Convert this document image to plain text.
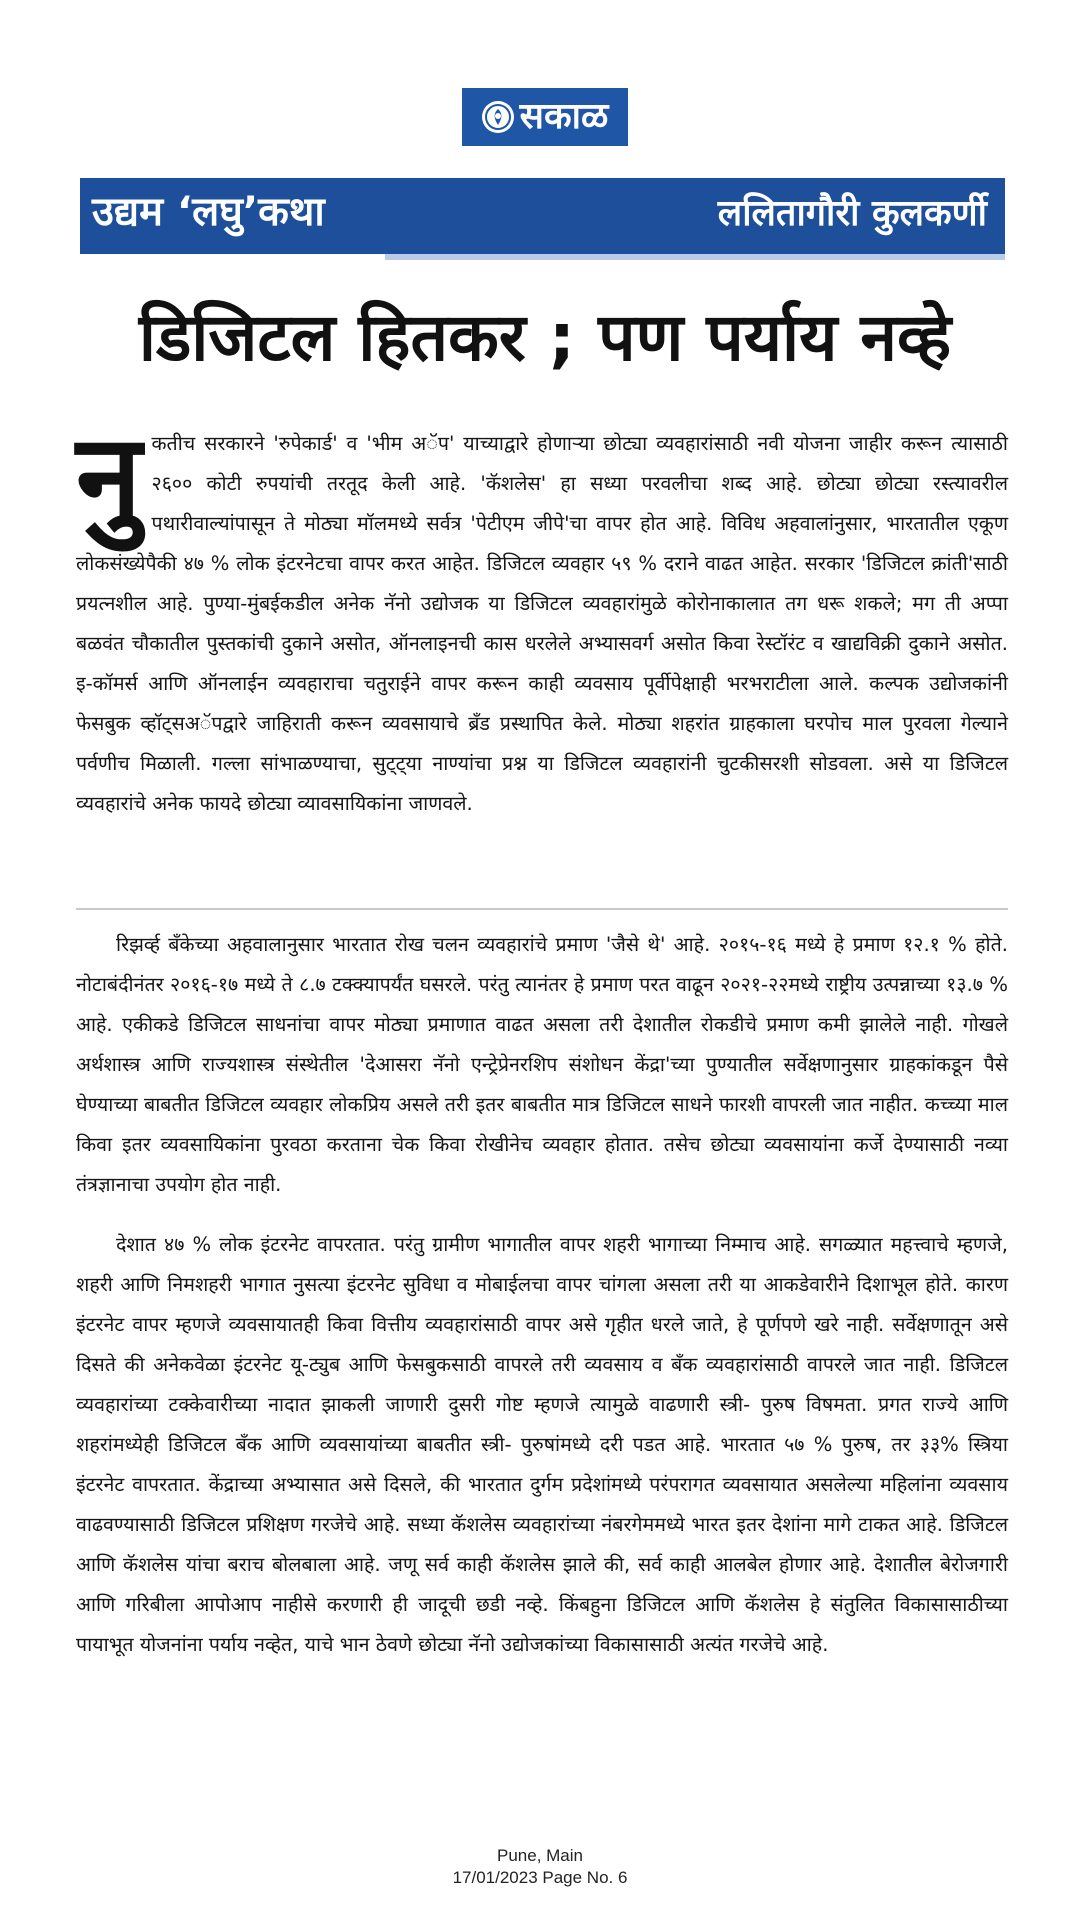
सकाळ
उद्यम ‘लघु’कथा	ललितागौरी कुलकर्णी
डिजिटल हितकर ; पण पर्याय नव्हे
नुकतीच सरकारने 'रुपेकार्ड' व 'भीम अॅप' याच्याद्वारे होणाऱ्या छोट्या व्यवहारांसाठी नवी योजना जाहीर करून त्यासाठी २६०० कोटी रुपयांची तरतूद केली आहे. 'कॅशलेस' हा सध्या परवलीचा शब्द आहे. छोट्या छोट्या रस्त्यावरील पथारीवाल्यांपासून ते मोठ्या मॉलमध्ये सर्वत्र 'पेटीएम जीपे'चा वापर होत आहे. विविध अहवालांनुसार, भारतातील एकूण लोकसंख्येपैकी ४७ % लोक इंटरनेटचा वापर करत आहेत. डिजिटल व्यवहार ५९ % दराने वाढत आहेत. सरकार 'डिजिटल क्रांती'साठी प्रयत्नशील आहे. पुण्या-मुंबईकडील अनेक नॅनो उद्योजक या डिजिटल व्यवहारांमुळे कोरोनाकालात तग धरू शकले; मग ती अप्पा बळवंत चौकातील पुस्तकांची दुकाने असोत, ऑनलाइनची कास धरलेले अभ्यासवर्ग असोत किवा रेस्टॉरंट व खाद्यविक्री दुकाने असोत. इ-कॉमर्स आणि ऑनलाईन व्यवहाराचा चतुराईने वापर करून काही व्यवसाय पूर्वीपेक्षाही भरभराटीला आले. कल्पक उद्योजकांनी फेसबुक व्हॉट्सअॅपद्वारे जाहिराती करून व्यवसायाचे ब्रँड प्रस्थापित केले. मोठ्या शहरांत ग्राहकाला घरपोच माल पुरवला गेल्याने पर्वणीच मिळाली. गल्ला सांभाळण्याचा, सुट्ट्या नाण्यांचा प्रश्न या डिजिटल व्यवहारांनी चुटकीसरशी सोडवला. असे या डिजिटल व्यवहारांचे अनेक फायदे छोट्या व्यावसायिकांना जाणवले.

रिझर्व्ह बँकेच्या अहवालानुसार भारतात रोख चलन व्यवहारांचे प्रमाण 'जैसे थे' आहे. २०१५-१६ मध्ये हे प्रमाण १२.१ % होते. नोटाबंदीनंतर २०१६-१७ मध्ये ते ८.७ टक्क्यापर्यंत घसरले. परंतु त्यानंतर हे प्रमाण परत वाढून २०२१-२२मध्ये राष्ट्रीय उत्पन्नाच्या १३.७ % आहे. एकीकडे डिजिटल साधनांचा वापर मोठ्या प्रमाणात वाढत असला तरी देशातील रोकडीचे प्रमाण कमी झालेले नाही. गोखले अर्थशास्त्र आणि राज्यशास्त्र संस्थेतील 'देआसरा नॅनो एन्ट्रेप्रेनरशिप संशोधन केंद्रा'च्या पुण्यातील सर्वेक्षणानुसार ग्राहकांकडून पैसे घेण्याच्या बाबतीत डिजिटल व्यवहार लोकप्रिय असले तरी इतर बाबतीत मात्र डिजिटल साधने फारशी वापरली जात नाहीत. कच्च्या माल किवा इतर व्यवसायिकांना पुरवठा करताना चेक किवा रोखीनेच व्यवहार होतात. तसेच छोट्या व्यवसायांना कर्जे देण्यासाठी नव्या तंत्रज्ञानाचा उपयोग होत नाही.

देशात ४७ % लोक इंटरनेट वापरतात. परंतु ग्रामीण भागातील वापर शहरी भागाच्या निम्माच आहे. सगळ्यात महत्त्वाचे म्हणजे, शहरी आणि निमशहरी भागात नुसत्या इंटरनेट सुविधा व मोबाईलचा वापर चांगला असला तरी या आकडेवारीने दिशाभूल होते. कारण इंटरनेट वापर म्हणजे व्यवसायातही किवा वित्तीय व्यवहारांसाठी वापर असे गृहीत धरले जाते, हे पूर्णपणे खरे नाही. सर्वेक्षणातून असे दिसते की अनेकवेळा इंटरनेट यू-ट्युब आणि फेसबुकसाठी वापरले तरी व्यवसाय व बँक व्यवहारांसाठी वापरले जात नाही. डिजिटल व्यवहारांच्या टक्केवारीच्या नादात झाकली जाणारी दुसरी गोष्ट म्हणजे त्यामुळे वाढणारी स्त्री- पुरुष विषमता. प्रगत राज्ये आणि शहरांमध्येही डिजिटल बँक आणि व्यवसायांच्या बाबतीत स्त्री- पुरुषांमध्ये दरी पडत आहे. भारतात ५७ % पुरुष, तर ३३% स्त्रिया इंटरनेट वापरतात. केंद्राच्या अभ्यासात असे दिसले, की भारतात दुर्गम प्रदेशांमध्ये परंपरागत व्यवसायात असलेल्या महिलांना व्यवसाय वाढवण्यासाठी डिजिटल प्रशिक्षण गरजेचे आहे. सध्या कॅशलेस व्यवहारांच्या नंबरगेममध्ये भारत इतर देशांना मागे टाकत आहे. डिजिटल आणि कॅशलेस यांचा बराच बोलबाला आहे. जणू सर्व काही कॅशलेस झाले की, सर्व काही आलबेल होणार आहे. देशातील बेरोजगारी आणि गरिबीला आपोआप नाहीसे करणारी ही जादूची छडी नव्हे. किंबहुना डिजिटल आणि कॅशलेस हे संतुलित विकासासाठीच्या पायाभूत योजनांना पर्याय नव्हेत, याचे भान ठेवणे छोट्या नॅनो उद्योजकांच्या विकासासाठी अत्यंत गरजेचे आहे.

Pune, Main
17/01/2023 Page No. 6
